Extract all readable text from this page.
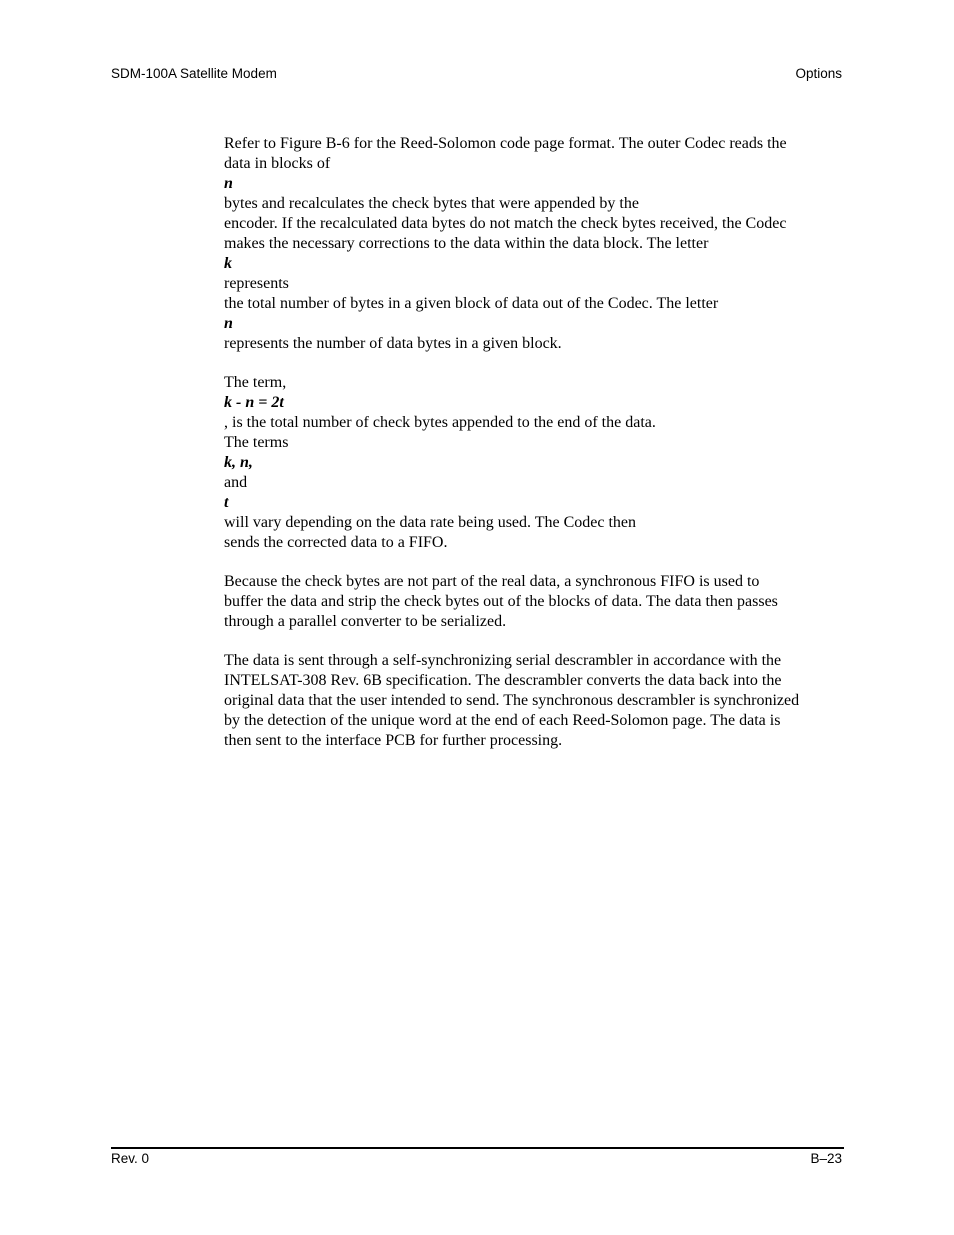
SDM-100A Satellite Modem	Options

Refer to Figure B-6 for the Reed-Solomon code page format. The outer Codec reads the
data in blocks of
n
bytes and recalculates the check bytes that were appended by the
encoder. If the recalculated data bytes do not match the check bytes received, the Codec
makes the necessary corrections to the data within the data block. The letter
k
represents
the total number of bytes in a given block of data out of the Codec. The letter
n
represents the number of data bytes in a given block.

The term,
k - n = 2t
, is the total number of check bytes appended to the end of the data.
The terms
k, n,
and
t
will vary depending on the data rate being used. The Codec then
sends the corrected data to a FIFO.

Because the check bytes are not part of the real data, a synchronous FIFO is used to
buffer the data and strip the check bytes out of the blocks of data. The data then passes
through a parallel converter to be serialized.

The data is sent through a self-synchronizing serial descrambler in accordance with the
INTELSAT-308 Rev. 6B specification. The descrambler converts the data back into the
original data that the user intended to send. The synchronous descrambler is synchronized
by the detection of the unique word at the end of each Reed-Solomon page. The data is
then sent to the interface PCB for further processing.

Rev. 0	B–23
